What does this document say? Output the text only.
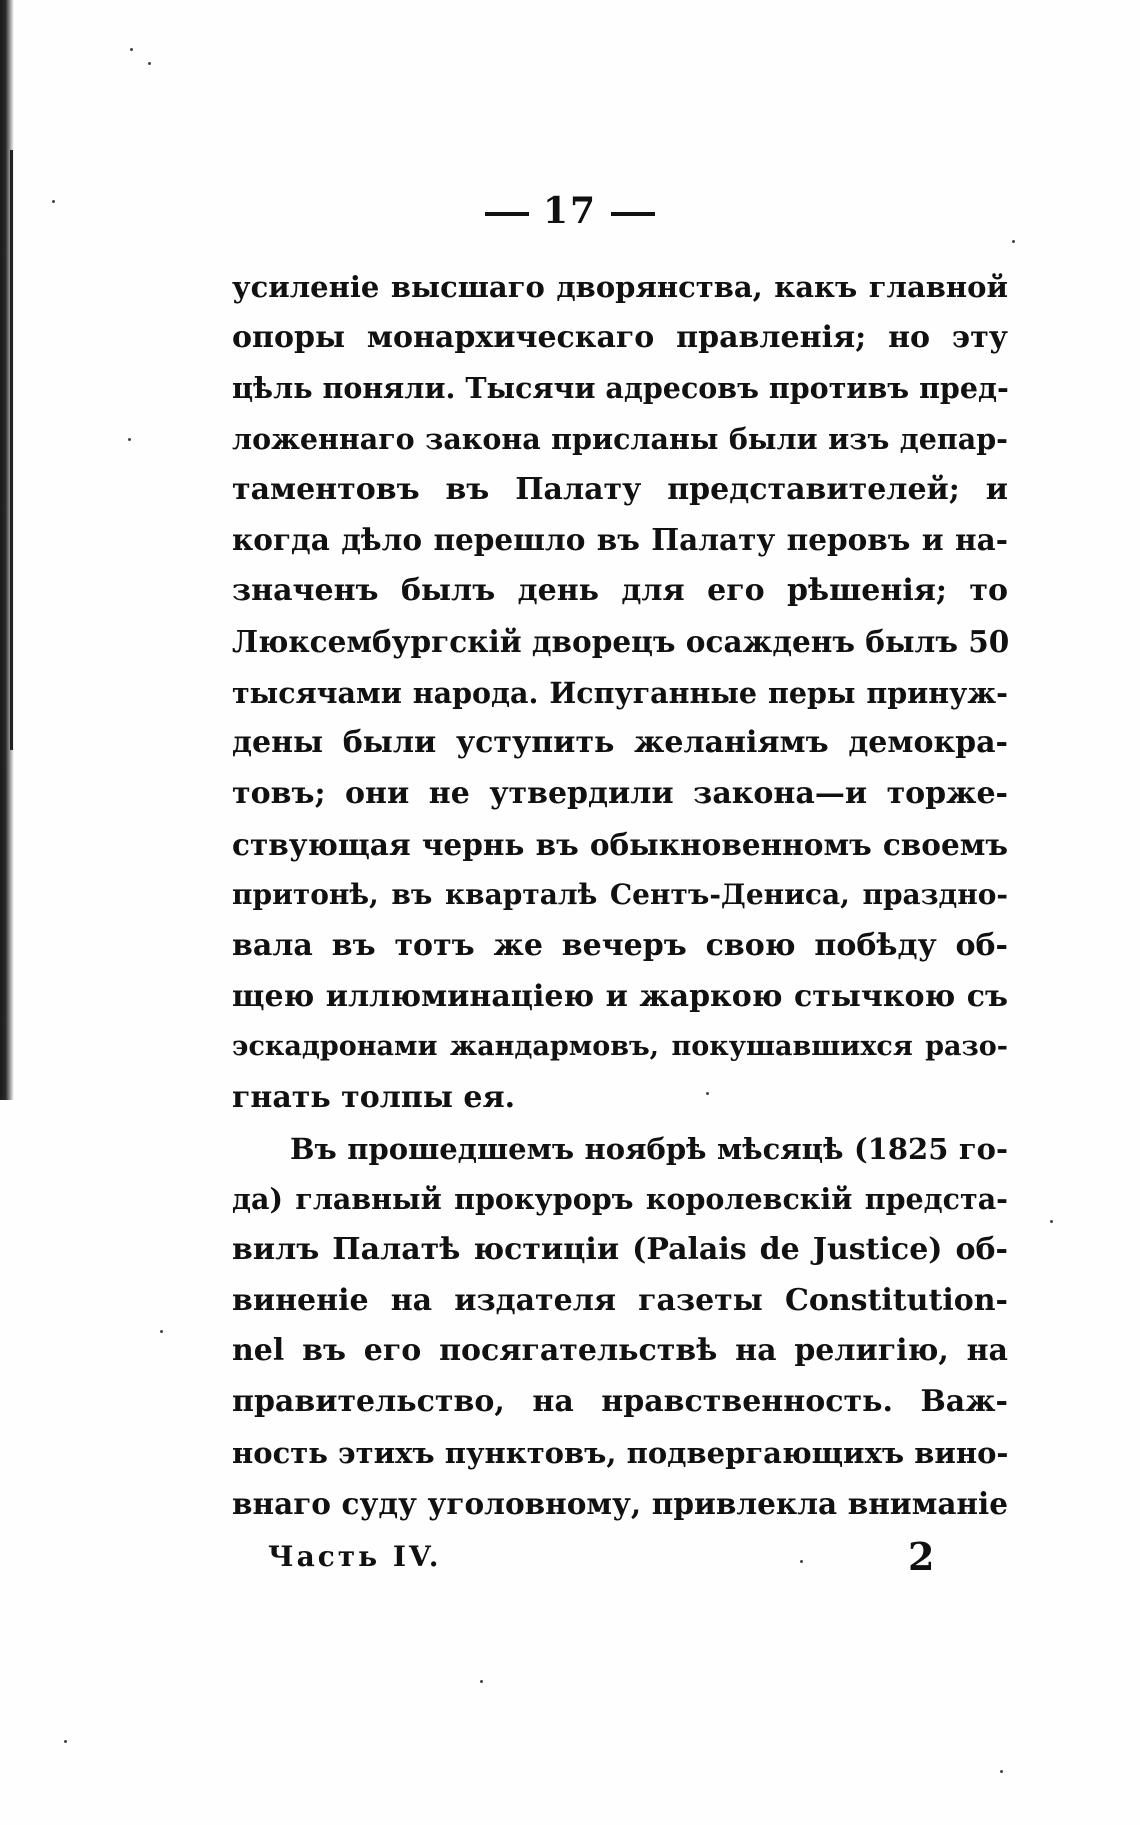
17
усиленіе высшаго дворянства, какъ главной
опоры монархическаго правленія; но эту
цѣль поняли. Тысячи адресовъ противъ пред-
ложеннаго закона присланы были изъ депар-
таментовъ въ Палату представителей; и
когда дѣло перешло въ Палату перовъ и на-
значенъ былъ день для его рѣшенія; то
Люксембургскій дворецъ осажденъ былъ 50
тысячами народа. Испуганные перы принуж-
дены были уступить желаніямъ демокра-
товъ; они не утвердили закона—и торже-
ствующая чернь въ обыкновенномъ своемъ
притонѣ, въ кварталѣ Сентъ-Дениса, праздно-
вала въ тотъ же вечеръ свою побѣду об-
щею иллюминаціею и жаркою стычкою съ
эскадронами жандармовъ, покушавшихся разо-
гнать толпы ея.
Въ прошедшемъ ноябрѣ мѣсяцѣ (1825 го-
да) главный прокуроръ королевскій предста-
вилъ Палатѣ юстиціи (Palais de Justice) об-
виненіе на издателя газеты Constitution-
nel въ его посягательствѣ на религію, на
правительство, на нравственность. Важ-
ность этихъ пунктовъ, подвергающихъ вино-
внаго суду уголовному, привлекла вниманіе
Часть IV.	2
